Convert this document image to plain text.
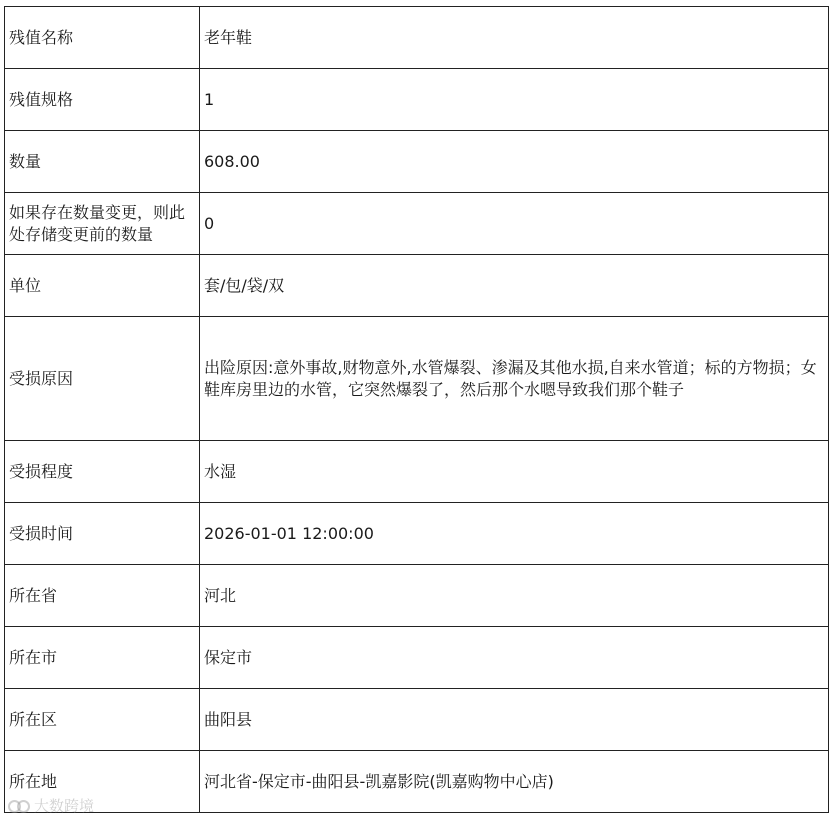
残值名称	老年鞋
残值规格	1
数量	608.00
如果存在数量变更，则此处存储变更前的数量	0
单位	套/包/袋/双
受损原因	出险原因:意外事故,财物意外,水管爆裂、渗漏及其他水损,自来水管道；标的方物损；女鞋库房里边的水管，它突然爆裂了，然后那个水嗯导致我们那个鞋子
受损程度	水湿
受损时间	2026-01-01 12:00:00
所在省	河北
所在市	保定市
所在区	曲阳县
所在地	河北省-保定市-曲阳县-凯嘉影院(凯嘉购物中心店)
大数跨境
